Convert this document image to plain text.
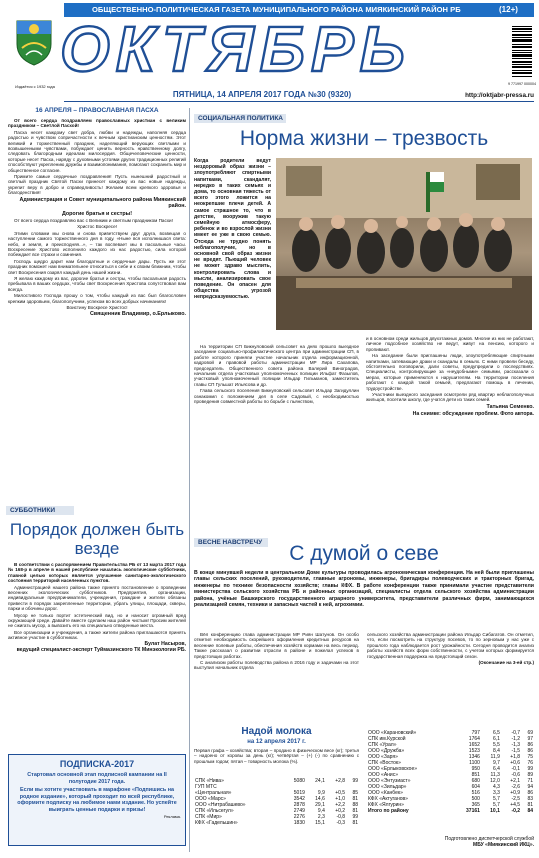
ОБЩЕСТВЕННО-ПОЛИТИЧЕСКАЯ ГАЗЕТА МУНИЦИПАЛЬНОГО РАЙОНА МИЯКИНСКИЙ РАЙОН РБ	(12+)
Издаётся с 1932 года
ОКТЯБРЬ	9 771997 000004
ПЯТНИЦА, 14 АПРЕЛЯ 2017 ГОДА №30 (9320)	http://oktjabr-pressa.ru
16 АПРЕЛЯ – ПРАВОСЛАВНАЯ ПАСХА

От всего сердца поздравляем православных христиан с великим праздником – Светлой Пасхой!

Пасха несет каждому свет добра, любви и надежды, наполняя сердца радостью и чувством сопричастности к вечным христианским ценностям. Этот великий и торжественный праздник, наделяющий верующих светлыми и возвышенными чувствами, побуждает ценить верность нравственному долгу, следовать благородным идеалам милосердия. Общечеловеческие ценности, которые несет Пасха, наряду с духовными устоями других традиционных религий способствуют укреплению дружбы и взаимопонимания, помогают сохранить мир и общественное согласие.

Примите самые сердечные поздравления! Пусть нынешний радостный и светлый праздник Святой Пасхи принесет каждому из вас новые надежды, укрепит веру в добро и справедливость! Желаем всем крепкого здоровья и благоденствия!

Администрация и Совет муниципального района Миякинский район.

Дорогие братья и сестры!

От всего сердца поздравляю вас с Великим и светлым праздником Пасхи!

Христос Воскресе!

Этими словами мы снова и снова приветствуем друг друга, возвещая о наступлении самого торжественного дня в году. «Ныне вся исполнишася света: небо, и земля, и преисподняя...», – так воспевает мы в пасхальные часы. Воскресение Христово исполнило каждого из нас радостью, сила которой побеждает все страхи и сомнения.

Господь щедро дарит нам благодатные и сердечные дары. Пусть же этот праздник поможет нам внимательнее относиться к себе и к своим ближним, чтобы свет Воскресения озарял каждый день нашей жизни.

Я желаю каждому из вас, дорогие братья и сестры, чтобы пасхальная радость пребывала в ваших сердцах, чтобы свет Воскресения Христова сопутствовал вам всегда.

Милостивого Господа прошу о том, чтобы каждый из вас был благословен крепким здоровьем, благополучием, успехом во всех добрых начинаниях!

Воистину Воскресе Христос!

Священник Владимир, о.Ерлыково.

СУББОТНИКИ
Порядок должен быть везде

В соответствии с распоряжением Правительства РБ от 13 марта 2017 года № 168-р в апреле в нашей республике начались экологические субботники, главной целью которых является улучшение санитарно-экологического состояния территорий населенных пунктов.

Администрацией нашего района также принято постановление о проведении весенних экологических субботников. Предприятия, организации, индивидуальные предприниматели, учреждения, граждане и жители обязаны привести в порядок закрепленные территории, убрать улицы, площади, скверы, парки и обочины дорог.

Мусор не только портит эстетический вид, но и наносит огромный вред окружающей среде. Давайте вместе сделаем наш район чистым! Просим жителей не сжигать мусор, а вывозить его на специально отведенные места.

Все организации и учреждения, а также жители района приглашаются принять активное участие в субботниках.

Булат Насыров,

ведущий специалист-эксперт Туймазинского ТК Минэкологии РБ.

ПОДПИСКА-2017
Стартовал основной этап подписной кампании на II полугодие 2017 года.
Если вы хотите участвовать в марафоне «Подпишись на родное издание», который проходит по всей республике, оформите подписку на любимое нами издание. Но успейте выиграть ценные подарки и призы!
Реклама.
СОЦИАЛЬНАЯ ПОЛИТИКА
Норма жизни – трезвость
Когда родители ведут нездоровый образ жизни – злоупотребляют спиртными напитками, скандалят, нередко в таких семьях и дома, то основная тяжесть от всего этого ложится на неокрепшие плечи детей. А самое страшное то, что в детстве, вооружив такую семейную атмосферу, ребенок и во взрослой жизни имеет ее уже в свою семью. Отсюда не трудно понять неблагополучие, но в основной свой образ жизни не вредят. Пьющий человек не может здраво мыслить, контролировать слова и мысли, анализировать свое поведение. Он опасен для общества угрозой непредсказуемостью.

На территории СП Бикнуловский сельсовет на днях прошло выездное заседание социально-профилактического центра при администрации СП, в работе которого приняли участие начальник отдела информационной, кадровой и правовой работы администрации МР Лира Сахапова, председатель Общественного совета района Валерий Виноградов, начальник отдела участковых уполномоченных полиции Ильфат Фазылов, участковый уполномоченный полиции Ильдар Гильманов, заместитель главы СП Гульшат Ильясова и др.

Глава сельского поселения Бикнуловский сельсовет Ильдар Загидуллин ознакомил с положением дел в селе Садовый, с необходимостью проведения совместной работы по борьбе с пьянством,

и в основном среди жильцов двухэтажных домов. Многие из них не работают, личное подсобное хозяйство не ведут, живут на пенсию, которого и пропивают.

На заседание были приглашены люди, злоупотребляющие спиртными напитками, затевающие драки и скандалы в семьях. С ними провели беседу, обстоятельно поговорили, дали советы, предупредили о последствиях. Специалисты, контролирующие за «неудобными» семьями, рассказали о мерах, которые применяются к нарушителям. На территории поселения работают с каждой такой семьей, предлагают помощь в лечении, трудоустройстве.

Участники выездного заседания осмотрели ряд квартир неблагополучных жильцов, посетили школу, где учатся дети из таких семей.

Татьяна Семенко.

На снимке: обсуждение проблем. Фото автора.

ВЕСНЕ НАВСТРЕЧУ	С думой о севе
В конце минувшей недели в центральном Доме культуры проводилась агрономическая конференция. На ней были приглашены главы сельских поселений, руководители, главные агрономы, инженеры, бригадиры полеводческих и тракторных бригад, инженеры по технике безопасности хозяйств; главы КФХ. В работе конференции также принимали участие представители министерства сельского хозяйства РБ и районных организаций, специалисты отдела сельского хозяйства администрации района, учёные Башкирского государственного аграрного университета, представители различных фирм, занимающихся реализацией семян, техники и запасных частей к ней, агрохимии.

Вёл конференцию глава администрации МР Риян Шатунов. Он особо отметил необходимость скорейшего оформления кредитных ресурсов на весенние полевые работы, обеспечения хозяйств кормами на весь период. Также рассказал о развитии отрасли в районе и пожелал успехов в предстоящих работах.

С анализом работы полеводства района в 2016 году и задачами на этот выступил начальник отдела

сельского хозяйства администрации района Ильдар Сибагатов. Он отметил, что, если посмотреть на структуру посевов, то по зерновым у нас уже с прошлого года наблюдается рост урожайности. Сегодня проводится анализ работы хозяйств всех форм собственности, с учетом которых формируется государственная поддержка на предстоящий сезон.

(Окончание на 3-ей стр.)

Надой молока
на 12 апреля 2017 г.
Первая графа – хозяйства; вторая – продано в физическом весе (кг); третья – надоено от коровы за день (кг); четвёртая – (+) (-) по сравнению с прошлым годом; пятая – товарность молока (%).
СПК «Нива»	5080	24,1	+2,8	99
ГУП МТС				
«Центральная»	5019	9,9	+0,5	85
ООО «Марс»	3542	14,6	+1,0	81
ООО «Нитрабашево»	2878	29,1	+2,2	88
СПК «Ильсегул»	2749	9,4	+0,2	81
СПК «Мир»	2276	2,3	-0,8	99
КФХ «Гадельшин»	1830	15,1	-0,3	81
ООО «Карановский»	797	6,5	-0,7	69
СПК им.Курской	1764	6,1	-1,2	97
СПК «Урал»	1652	5,5	-1,3	86
ООО «Дружба»	1523	8,4	-1,5	86
ООО «Заря»	1346	11,9	+1,8	75
СПК «Восток»	1100	9,7	+0,6	76
ООО «Ерлыковское»	950	6,4	-0,1	99
ООО «Анис»	851	11,3	-0,6	89
ООО «Энтузиаст»	680	12,0	+2,1	71
ООО «Зильдар»	604	4,3	-2,6	94
ООО «Канбек»	516	3,3	+0,9	86
КФХ «Актуганов»	500	5,7	-2,5	83
КФХ «Ялгурин»	365	5,7	+4,5	81
Итого по району	37161	10,1	-0,2	84
Подготовлено диспетчерской службой
МБУ «Миякинский ИКЦ».
